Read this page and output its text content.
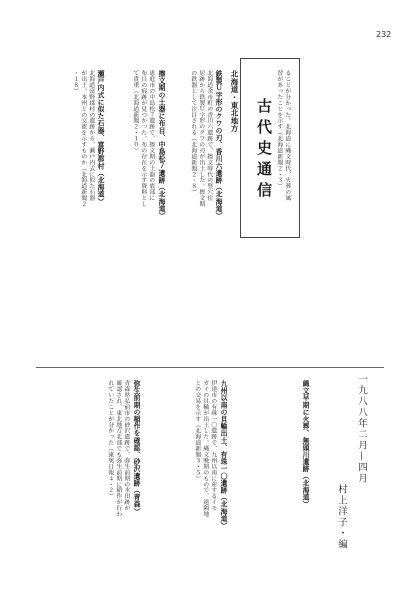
232
古代史通信
一九八八年二月—四月
村上洋子・編
北海道・東北地方
鉄製Ｕ字形のクワの刃、香川六遺跡（北海道）
擦文期の土器に布目、中島松７遺跡（北海道）
瀬戸内式に似た石器、富野郡村（北海道）
縄文早期に火葬、無頭川遺跡（北海道）
九州以南の貝輪出土、有珠一〇遺跡（北海道）
弥生前期の稲作を確認、砂沢遺跡（青森）
ることが分かった。北海道に縄文時代、火葬の風
習があったことを示す（北海道新聞２・３）
北海道余市町の香川六遺跡で、擦文時代の竪穴住
居跡から鉄製Ｕ字形のクワの刃が出土した。擦文期
の鉄器として注目される（北海道新聞２・８）
恵庭市の中島松７遺跡で、擦文期の土器の底部に
布目の痕跡が見つかった。布の存在を示す資料とし
て貴重（北海道新聞２・１０）
北海道富野郡村の遺跡から、瀬戸内式に似た石器
が出土。本州との交流を示すものか（北海道新聞２
・１８）
伊達市の有珠一〇遺跡で、九州以南に産するイモ
ガイの貝輪が出土した。縄文晩期のもので、遠隔地
との交易を示す（北海道新聞３・５）
青森県弘前市の砂沢遺跡で、弥生前期の水田跡が
確認され、東北地方北部でも弥生前期に稲作が行わ
れていたことが分かった（東奥日報４・２）
